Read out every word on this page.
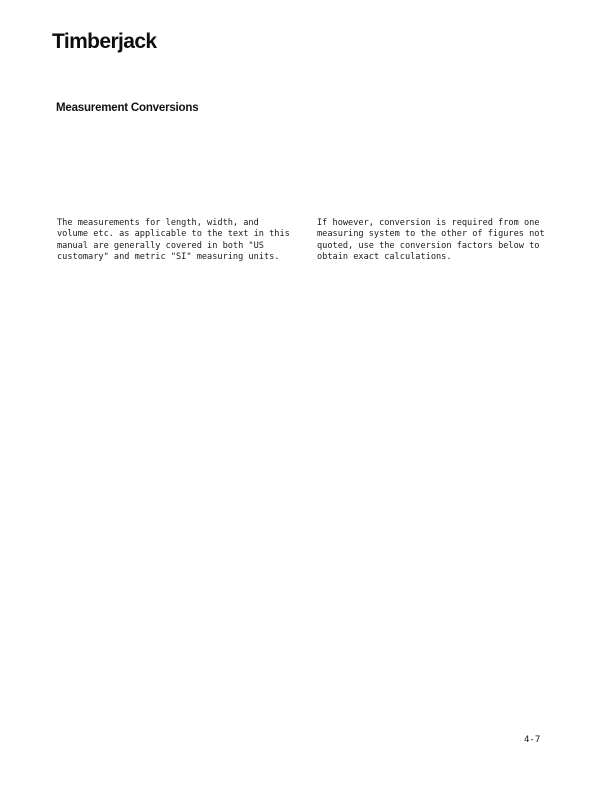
Timberjack
Measurement Conversions

The measurements for length, width, and
volume etc. as applicable to the text in this
manual are generally covered in both "US
customary" and metric "SI" measuring units.

If however, conversion is required from one
measuring system to the other of figures not
quoted, use the conversion factors below to
obtain exact calculations.

4-7
